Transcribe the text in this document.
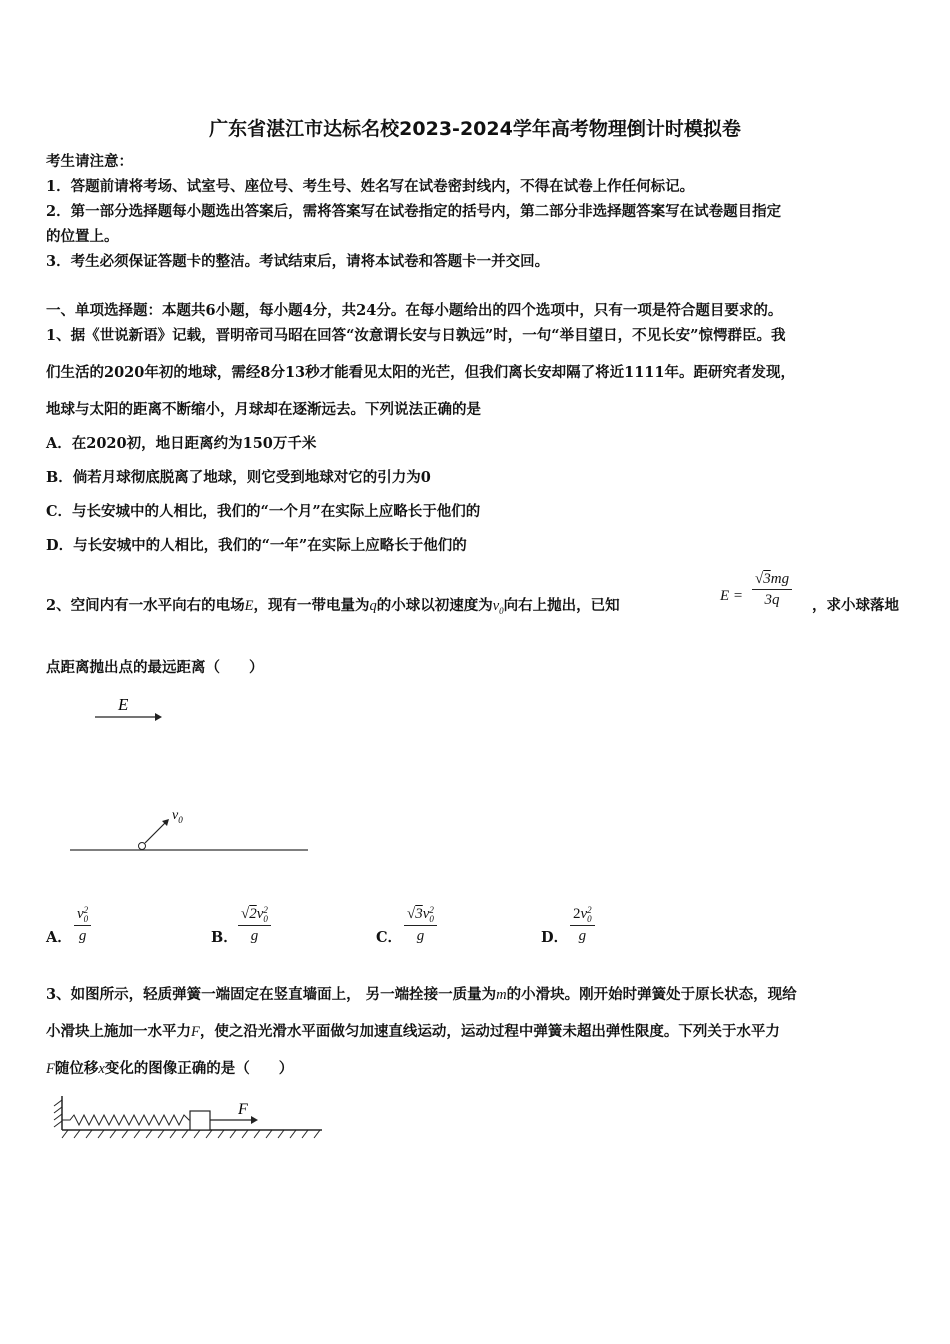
广东省湛江市达标名校2023-2024学年高考物理倒计时模拟卷
考生请注意：
1．答题前请将考场、试室号、座位号、考生号、姓名写在试卷密封线内，不得在试卷上作任何标记。
2．第一部分选择题每小题选出答案后，需将答案写在试卷指定的括号内，第二部分非选择题答案写在试卷题目指定
的位置上。
3．考生必须保证答题卡的整洁。考试结束后，请将本试卷和答题卡一并交回。
一、单项选择题：本题共6小题，每小题4分，共24分。在每小题给出的四个选项中，只有一项是符合题目要求的。
1、据《世说新语》记载，晋明帝司马昭在回答“汝意谓长安与日孰远”时，一句“举目望日，不见长安”惊愕群臣。我
们生活的2020年初的地球，需经8分13秒才能看见太阳的光芒，但我们离长安却隔了将近1111年。距研究者发现，
地球与太阳的距离不断缩小，月球却在逐渐远去。下列说法正确的是
A．在2020初，地日距离约为150万千米
B．倘若月球彻底脱离了地球，则它受到地球对它的引力为0
C．与长安城中的人相比，我们的“一个月”在实际上应略长于他们的
D．与长安城中的人相比，我们的“一年”在实际上应略长于他们的
2、空间内有一水平向右的电场E，现有一带电量为q的小球以初速度为$v_0$向右上抛出，已知
$E = \frac{√3mg}{3q}$ ，求小球落地
点距离抛出点的最远距离（　　）
E
$v_0$
A． v 2
0
g	B． √2v 2
0
g	C． √3v 2
0
g	D． 2v 2
0
g
3、如图所示，轻质弹簧一端固定在竖直墙面上， 另一端拴接一质量为m的小滑块。刚开始时弹簧处于原长状态，现给
小滑块上施加一水平力F，使之沿光滑水平面做匀加速直线运动，运动过程中弹簧未超出弹性限度。下列关于水平力
F随位移x变化的图像正确的是（　　）
F
